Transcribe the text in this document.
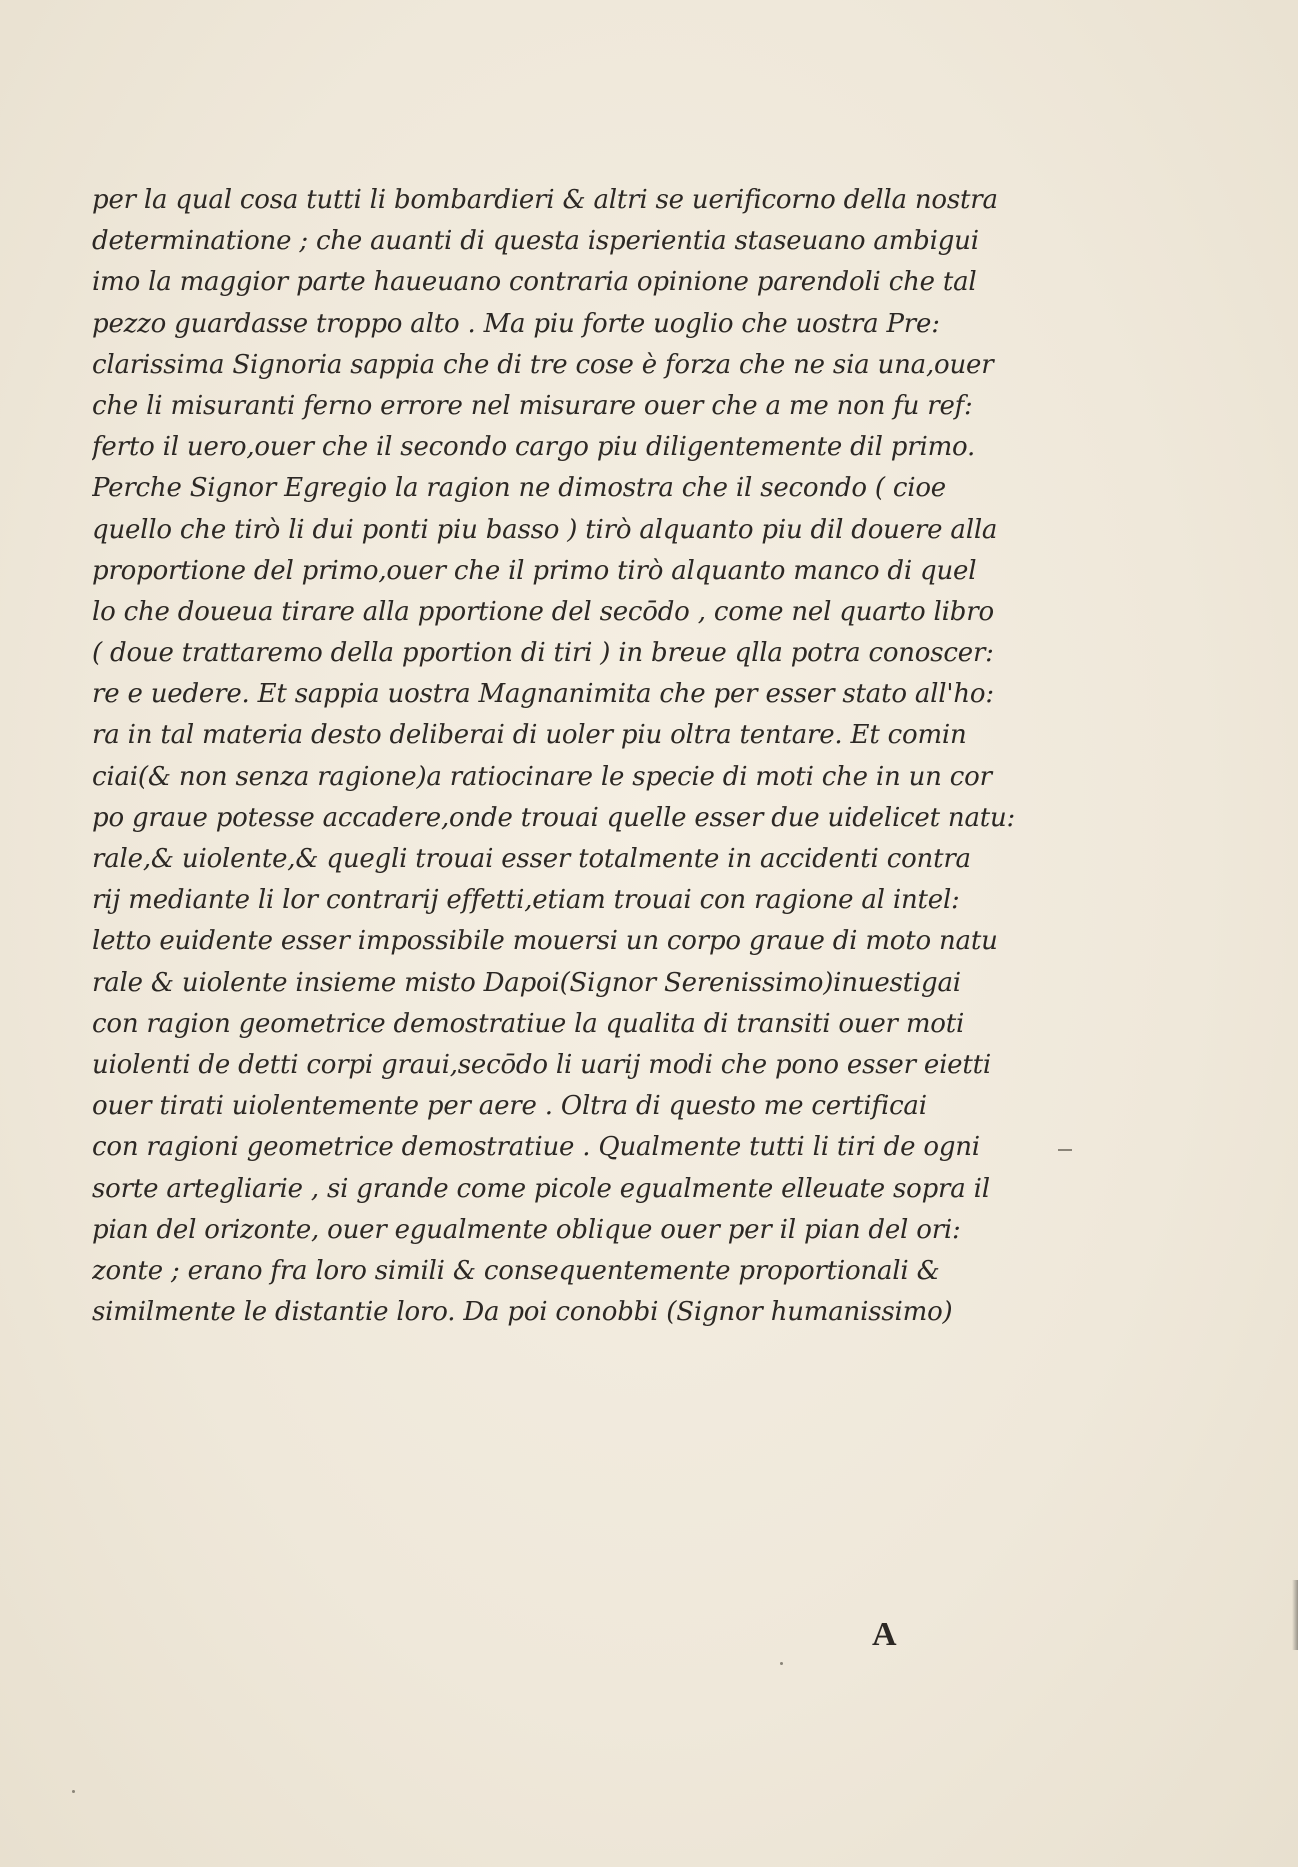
per la qual cosa tutti li bombardieri & altri se uerificorno della nostra
determinatione ; che auanti di questa isperientia staseuano ambigui
imo la maggior parte haueuano contraria opinione parendoli che tal
pezzo guardasse troppo alto . Ma piu forte uoglio che uostra Pre:
clarissima Signoria sappia che di tre cose è forza che ne sia una,ouer
che li misuranti ferno errore nel misurare ouer che a me non fu ref:
ferto il uero,ouer che il secondo cargo piu diligentemente dil primo.
Perche Signor Egregio la ragion ne dimostra che il secondo ( cioe
quello che tirò li dui ponti piu basso ) tirò alquanto piu dil douere alla
proportione del primo,ouer che il primo tirò alquanto manco di quel
lo che doueua tirare alla pportione del secōdo , come nel quarto libro
( doue trattaremo della pportion di tiri ) in breue qlla potra conoscer:
re e uedere. Et sappia uostra Magnanimita che per esser stato all'ho:
ra in tal materia desto deliberai di uoler piu oltra tentare. Et comin
ciai(& non senza ragione)a ratiocinare le specie di moti che in un cor
po graue potesse accadere,onde trouai quelle esser due uidelicet natu:
rale,& uiolente,& quegli trouai esser totalmente in accidenti contra
rij mediante li lor contrarij effetti,etiam trouai con ragione al intel:
letto euidente esser impossibile mouersi un corpo graue di moto natu
rale & uiolente insieme misto Dapoi(Signor Serenissimo)inuestigai
con ragion geometrice demostratiue la qualita di transiti ouer moti
uiolenti de detti corpi graui,secōdo li uarij modi che pono esser eietti
ouer tirati uiolentemente per aere . Oltra di questo me certificai
con ragioni geometrice demostratiue . Qualmente tutti li tiri de ogni
sorte artegliarie , si grande come picole egualmente elleuate sopra il
pian del orizonte, ouer egualmente oblique ouer per il pian del ori:
zonte ; erano fra loro simili & consequentemente proportionali &
similmente le distantie loro. Da poi conobbi (Signor humanissimo)
A
